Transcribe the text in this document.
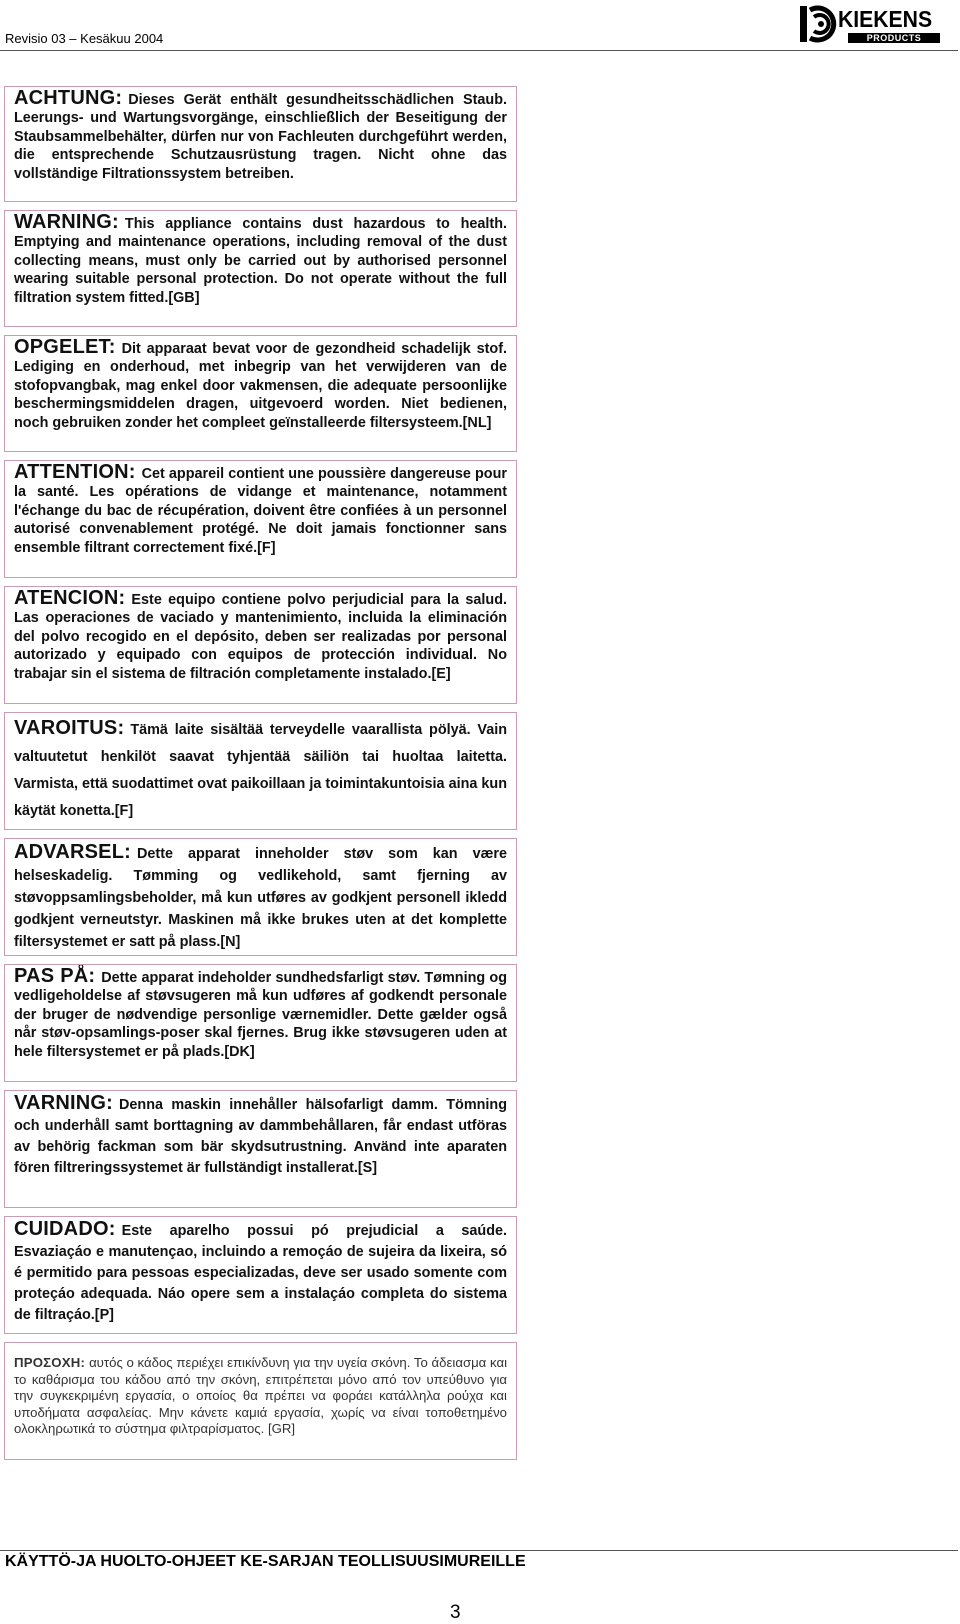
Revisio 03 – Kesäkuu 2004
KIEKENS
PRODUCTS
ACHTUNG: Dieses Gerät enthält gesundheitsschädlichen Staub. Leerungs- und Wartungsvorgänge, einschließlich der Beseitigung der Staubsammelbehälter, dürfen nur von Fachleuten durchgeführt werden, die entsprechende Schutzausrüstung tragen. Nicht ohne das vollständige Filtrationssystem betreiben.
WARNING: This appliance contains dust hazardous to health. Emptying and maintenance operations, including removal of the dust collecting means, must only be carried out by authorised personnel wearing suitable personal protection. Do not operate without the full filtration system fitted.[GB]
OPGELET: Dit apparaat bevat voor de gezondheid schadelijk stof. Lediging en onderhoud, met inbegrip van het verwijderen van de stofopvangbak, mag enkel door vakmensen, die adequate persoonlijke beschermingsmiddelen dragen, uitgevoerd worden. Niet bedienen, noch gebruiken zonder het compleet geïnstalleerde filtersysteem.[NL]
ATTENTION: Cet appareil contient une poussière dangereuse pour la santé. Les opérations de vidange et maintenance, notamment l'échange du bac de récupération, doivent être confiées à un personnel autorisé convenablement protégé. Ne doit jamais fonctionner sans ensemble filtrant correctement fixé.[F]
ATENCION: Este equipo contiene polvo perjudicial para la salud. Las operaciones de vaciado y mantenimiento, incluida la eliminación del polvo recogido en el depósito, deben ser realizadas por personal autorizado y equipado con equipos de protección individual. No trabajar sin el sistema de filtración completamente instalado.[E]
VAROITUS: Tämä laite sisältää terveydelle vaarallista pölyä. Vain valtuutetut henkilöt saavat tyhjentää säiliön tai huoltaa laitetta. Varmista, että suodattimet ovat paikoillaan ja toimintakuntoisia aina kun käytät konetta.[F]
ADVARSEL: Dette apparat inneholder støv som kan være helseskadelig. Tømming og vedlikehold, samt fjerning av støvoppsamlingsbeholder, må kun utføres av godkjent personell ikledd godkjent verneutstyr. Maskinen må ikke brukes uten at det komplette filtersystemet er satt på plass.[N]
PAS PÅ: Dette apparat indeholder sundhedsfarligt støv. Tømning og vedligeholdelse af støvsugeren må kun udføres af godkendt personale der bruger de nødvendige personlige værnemidler. Dette gælder også når støv-opsamlings-poser skal fjernes. Brug ikke støvsugeren uden at hele filtersystemet er på plads.[DK]
VARNING: Denna maskin innehåller hälsofarligt damm. Tömning och underhåll samt borttagning av dammbehållaren, får endast utföras av behörig fackman som bär skydsutrustning. Använd inte aparaten fören filtreringssystemet är fullständigt installerat.[S]
CUIDADO: Este aparelho possui pó prejudicial a saúde. Esvaziaçáo e manutençao, incluindo a remoçáo de sujeira da lixeira, só é permitido para pessoas especializadas, deve ser usado somente com proteçáo adequada. Náo opere sem a instalaçáo completa do sistema de filtraçáo.[P]
ΠΡΟΣΟΧΗ: αυτός ο κάδος περιέχει επικίνδυνη για την υγεία σκόνη. Το άδειασμα και το καθάρισμα του κάδου από την σκόνη, επιτρέπεται μόνο από τον υπεύθυνο για την συγκεκριμένη εργασία, ο οποίος θα πρέπει να φοράει κατάλληλα ρούχα και υποδήματα ασφαλείας. Μην κάνετε καμιά εργασία, χωρίς να είναι τοποθετημένο ολοκληρωτικά το σύστημα φιλτραρίσματος. [GR]
KÄYTTÖ-JA HUOLTO-OHJEET KE-SARJAN TEOLLISUUSIMUREILLE
3
